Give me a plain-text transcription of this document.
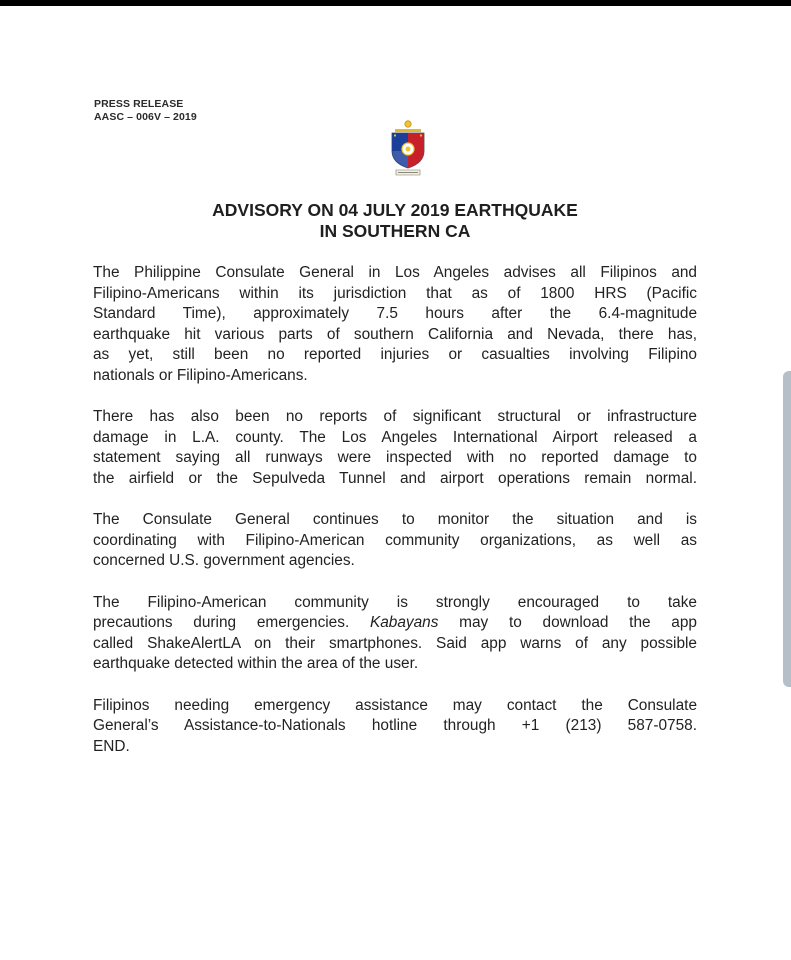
PRESS RELEASE
AASC – 006V – 2019
ADVISORY ON 04 JULY 2019 EARTHQUAKE
IN SOUTHERN CA
The Philippine Consulate General in Los Angeles advises all Filipinos and
Filipino-Americans within its jurisdiction that as of 1800 HRS (Pacific
Standard Time), approximately 7.5 hours after the 6.4-magnitude
earthquake hit various parts of southern California and Nevada, there has,
as yet, still been no reported injuries or casualties involving Filipino
nationals or Filipino-Americans.
There has also been no reports of significant structural or infrastructure
damage in L.A. county. The Los Angeles International Airport released a
statement saying all runways were inspected with no reported damage to
the airfield or the Sepulveda Tunnel and airport operations remain normal.
The Consulate General continues to monitor the situation and is
coordinating with Filipino-American community organizations, as well as
concerned U.S. government agencies.
The Filipino-American community is strongly encouraged to take
precautions during emergencies. Kabayans may to download the app
called ShakeAlertLA on their smartphones. Said app warns of any possible
earthquake detected within the area of the user.
Filipinos needing emergency assistance may contact the Consulate
General’s Assistance-to-Nationals hotline through +1 (213) 587-0758.
END.
